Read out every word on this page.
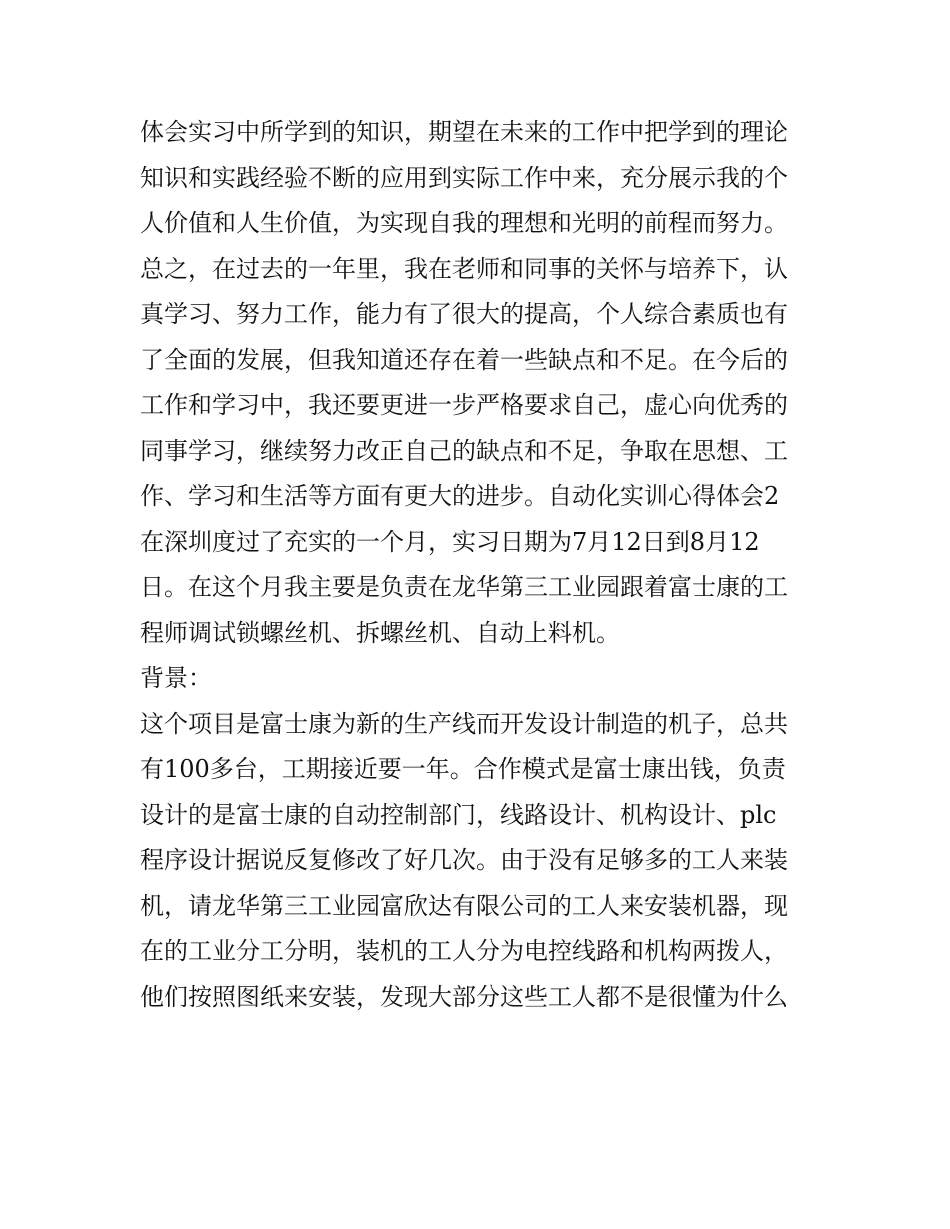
体会实习中所学到的知识，期望在未来的工作中把学到的理论
知识和实践经验不断的应用到实际工作中来，充分展示我的个
人价值和人生价值，为实现自我的理想和光明的前程而努力。
总之，在过去的一年里，我在老师和同事的关怀与培养下，认
真学习、努力工作，能力有了很大的提高，个人综合素质也有
了全面的发展，但我知道还存在着一些缺点和不足。在今后的
工作和学习中，我还要更进一步严格要求自己，虚心向优秀的
同事学习，继续努力改正自己的缺点和不足，争取在思想、工
作、学习和生活等方面有更大的进步。自动化实训心得体会2
在深圳度过了充实的一个月，实习日期为7月12日到8月12
日。在这个月我主要是负责在龙华第三工业园跟着富士康的工
程师调试锁螺丝机、拆螺丝机、自动上料机。
背景：
这个项目是富士康为新的生产线而开发设计制造的机子，总共
有100多台，工期接近要一年。合作模式是富士康出钱，负责
设计的是富士康的自动控制部门，线路设计、机构设计、plc
程序设计据说反复修改了好几次。由于没有足够多的工人来装
机，请龙华第三工业园富欣达有限公司的工人来安装机器，现
在的工业分工分明，装机的工人分为电控线路和机构两拨人，
他们按照图纸来安装，发现大部分这些工人都不是很懂为什么
